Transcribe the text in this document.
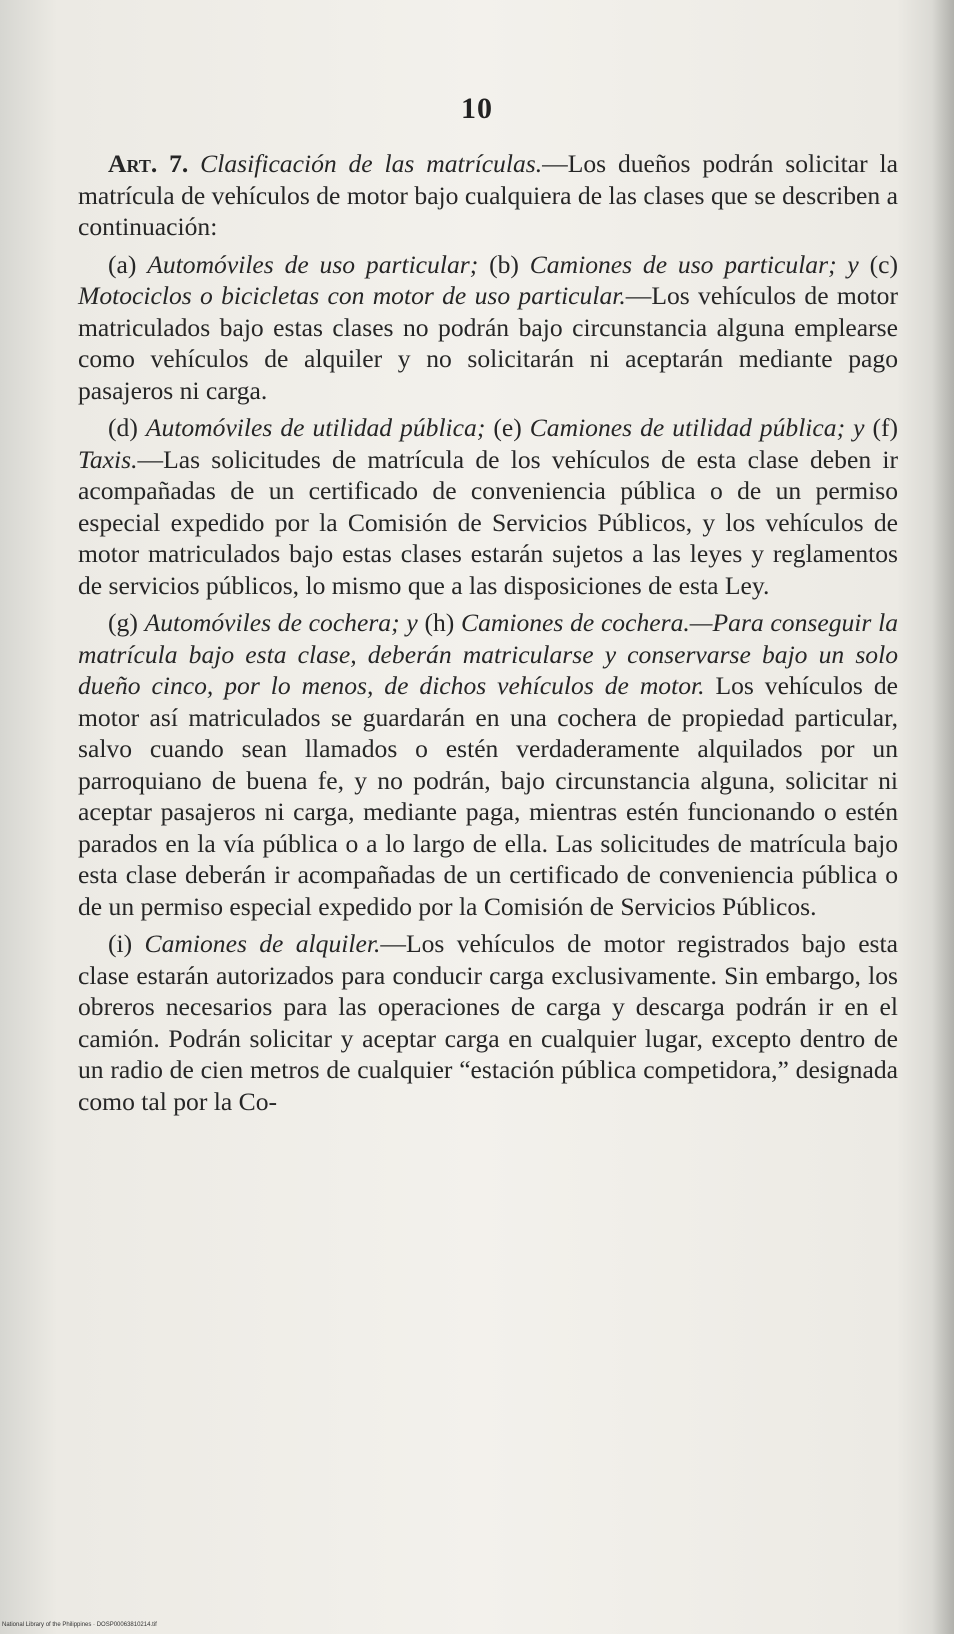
10

Art. 7. Clasificación de las matrículas.—Los dueños podrán solicitar la matrícula de vehículos de motor bajo cualquiera de las clases que se describen a continuación:

(a) Automóviles de uso particular; (b) Camiones de uso particular; y (c) Motociclos o bicicletas con motor de uso particular.—Los vehículos de motor matriculados bajo estas clases no podrán bajo circunstancia alguna emplearse como vehículos de alquiler y no solicitarán ni aceptarán mediante pago pasajeros ni carga.

(d) Automóviles de utilidad pública; (e) Camiones de utilidad pública; y (f) Taxis.—Las solicitudes de matrícula de los vehículos de esta clase deben ir acompañadas de un certificado de conveniencia pública o de un permiso especial expedido por la Comisión de Servicios Públicos, y los vehículos de motor matriculados bajo estas clases estarán sujetos a las leyes y reglamentos de servicios públicos, lo mismo que a las disposiciones de esta Ley.

(g) Automóviles de cochera; y (h) Camiones de cochera.—Para conseguir la matrícula bajo esta clase, deberán matricularse y conservarse bajo un solo dueño cinco, por lo menos, de dichos vehículos de motor. Los vehículos de motor así matriculados se guardarán en una cochera de propiedad particular, salvo cuando sean llamados o estén verdaderamente alquilados por un parroquiano de buena fe, y no podrán, bajo circunstancia alguna, solicitar ni aceptar pasajeros ni carga, mediante paga, mientras estén funcionando o estén parados en la vía pública o a lo largo de ella. Las solicitudes de matrícula bajo esta clase deberán ir acompañadas de un certificado de conveniencia pública o de un permiso especial expedido por la Comisión de Servicios Públicos.

(i) Camiones de alquiler.—Los vehículos de motor registrados bajo esta clase estarán autorizados para conducir carga exclusivamente. Sin embargo, los obreros necesarios para las operaciones de carga y descarga podrán ir en el camión. Podrán solicitar y aceptar carga en cualquier lugar, excepto dentro de un radio de cien metros de cualquier “estación pública competidora,” designada como tal por la Co-

National Library of the Philippines · DOSP00063810214.tif
